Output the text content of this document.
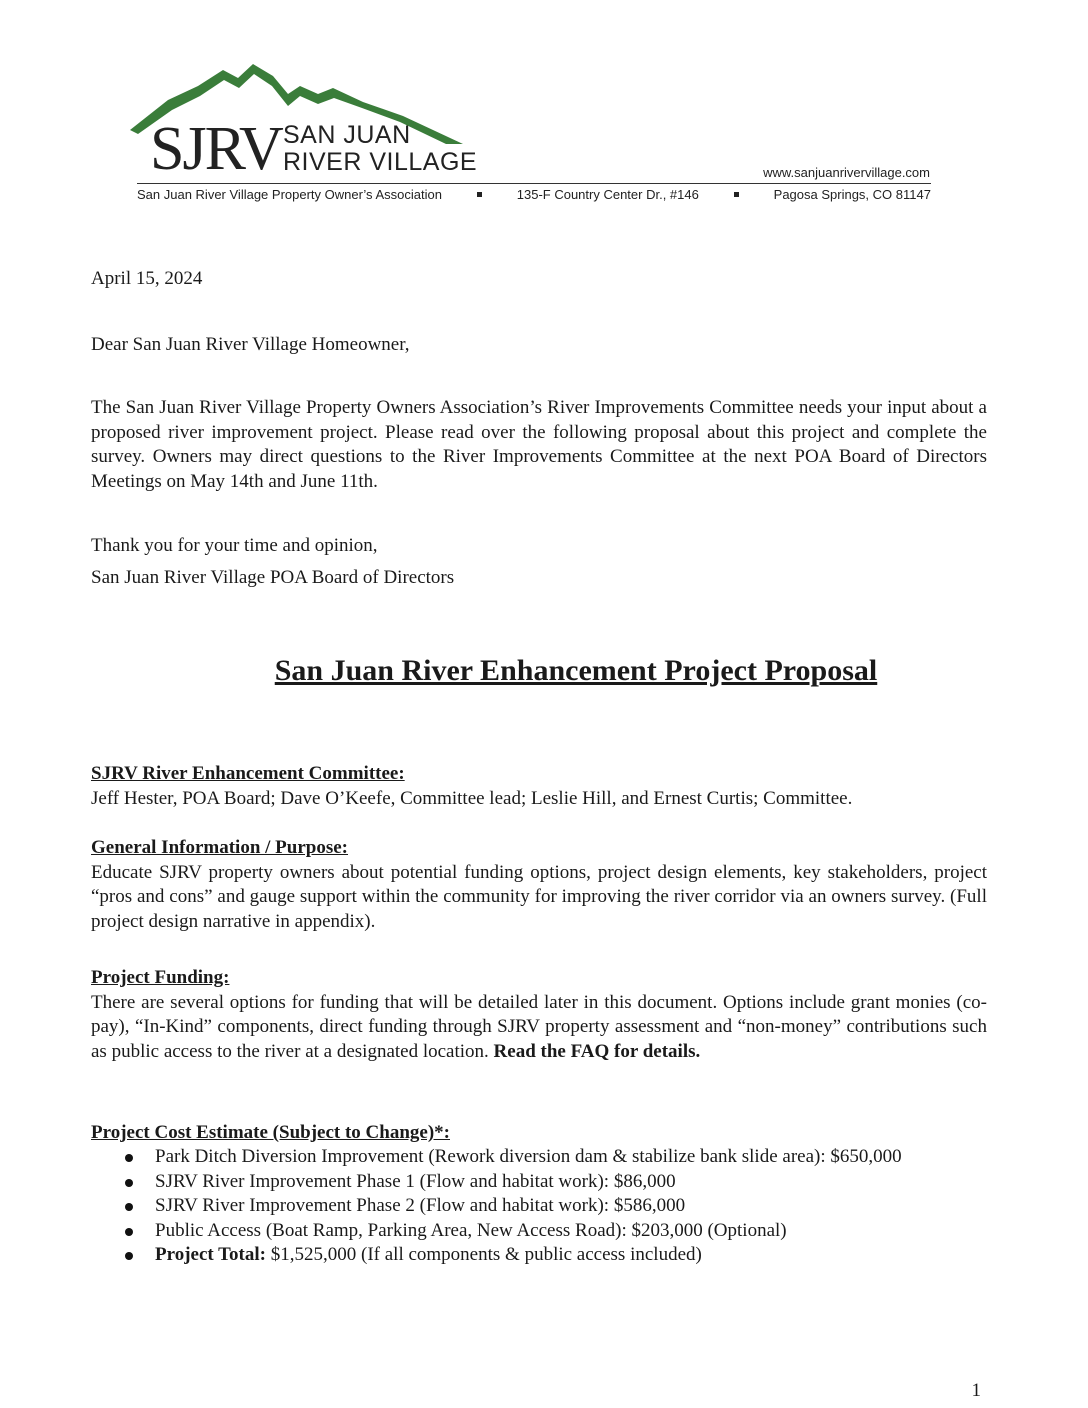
SJRV SAN JUAN
RIVER VILLAGE	www.sanjuanrivervillage.com
San Juan River Village Property Owner’s Association	135-F Country Center Dr., #146	Pagosa Springs, CO 81147

April 15, 2024

Dear San Juan River Village Homeowner,

The San Juan River Village Property Owners Association’s River Improvements Committee needs your input about a proposed river improvement project. Please read over the following proposal about this project and complete the survey. Owners may direct questions to the River Improvements Committee at the next POA Board of Directors Meetings on May 14th and June 11th.

Thank you for your time and opinion,

San Juan River Village POA Board of Directors

San Juan River Enhancement Project Proposal
SJRV River Enhancement Committee:
Jeff Hester, POA Board; Dave O’Keefe, Committee lead; Leslie Hill, and Ernest Curtis; Committee.
General Information / Purpose:
Educate SJRV property owners about potential funding options, project design elements, key stakeholders, project “pros and cons” and gauge support within the community for improving the river corridor via an owners survey. (Full project design narrative in appendix).
Project Funding:
There are several options for funding that will be detailed later in this document. Options include grant monies (co-pay), “In-Kind” components, direct funding through SJRV property assessment and “non-money” contributions such as public access to the river at a designated location. Read the FAQ for details.
Project Cost Estimate (Subject to Change)*:
Park Ditch Diversion Improvement (Rework diversion dam & stabilize bank slide area): $650,000
SJRV River Improvement Phase 1 (Flow and habitat work): $86,000
SJRV River Improvement Phase 2 (Flow and habitat work): $586,000
Public Access (Boat Ramp, Parking Area, New Access Road): $203,000 (Optional)
Project Total: $1,525,000 (If all components & public access included)
1
